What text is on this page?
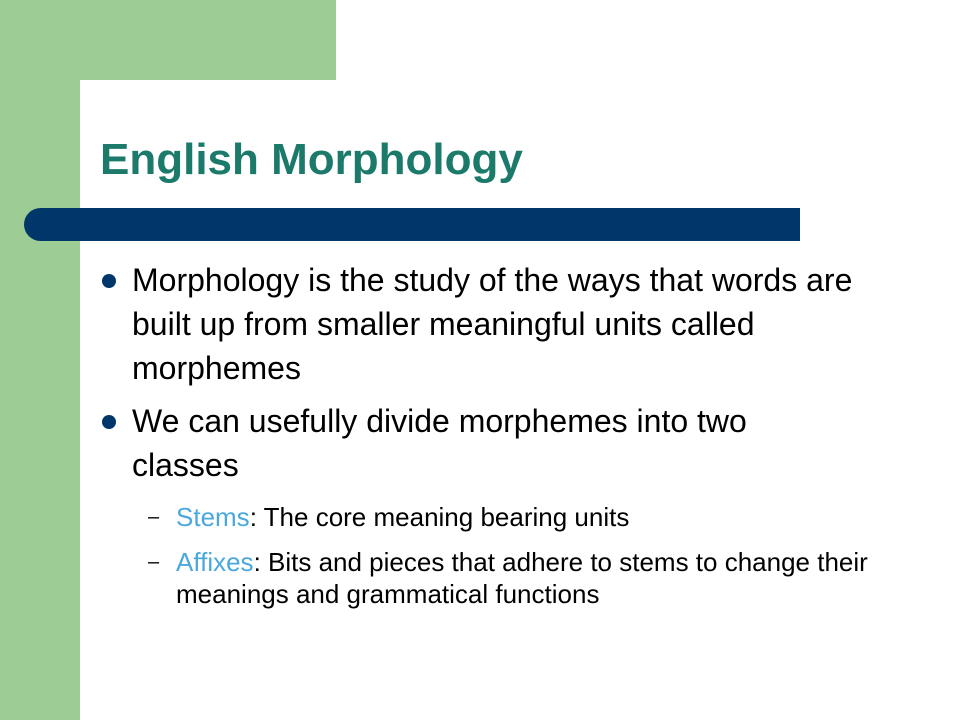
English Morphology
Morphology is the study of the ways that words are built up from smaller meaningful units called morphemes
We can usefully divide morphemes into two classes
– Stems: The core meaning bearing units
– Affixes: Bits and pieces that adhere to stems to change their meanings and grammatical functions
